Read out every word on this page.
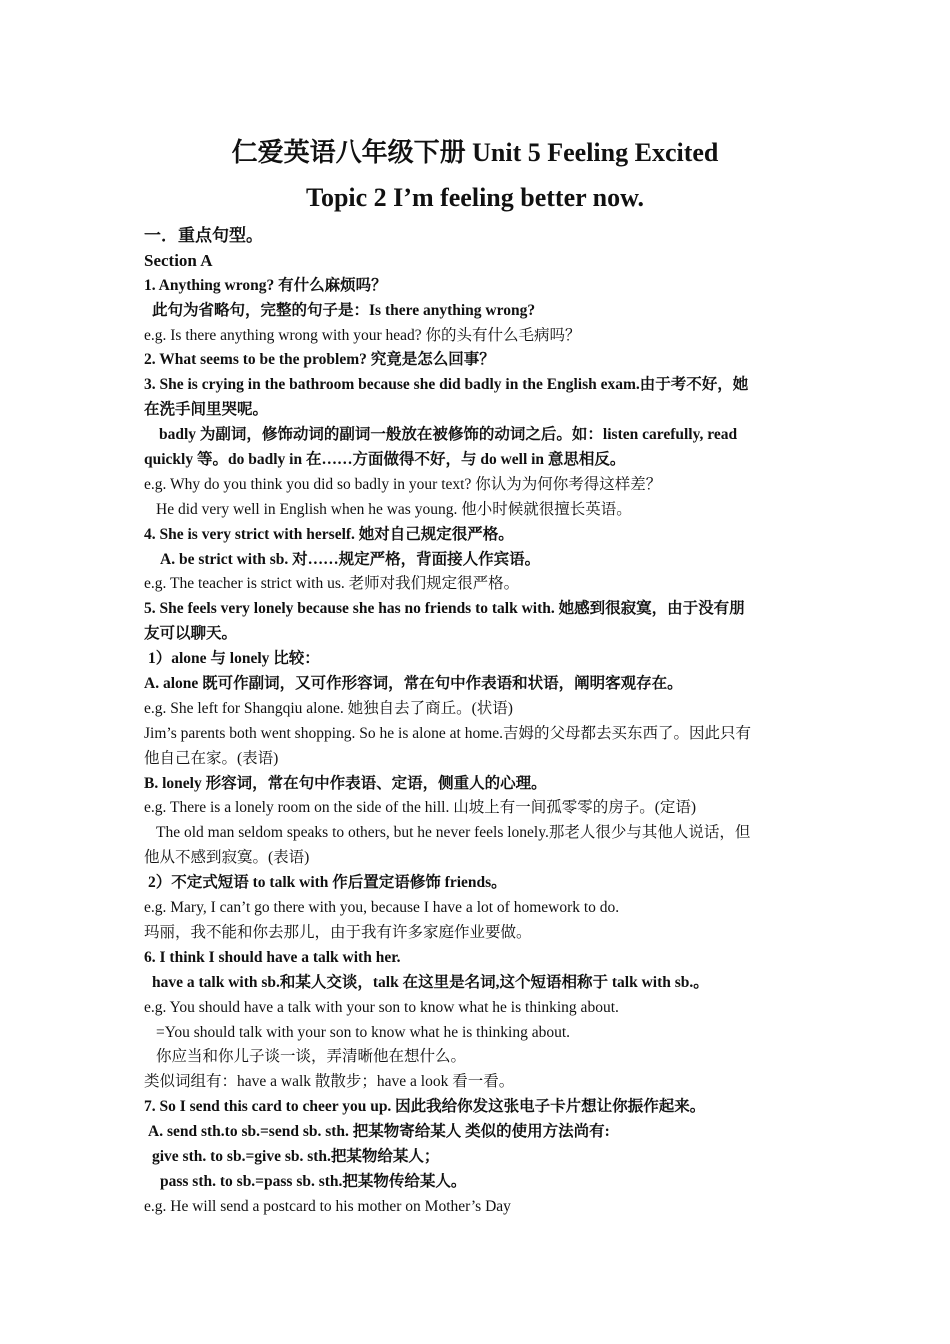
仁爱英语八年级下册 Unit 5 Feeling Excited
Topic 2 I’m feeling better now.
一．重点句型。
Section A
1. Anything wrong? 有什么麻烦吗？
此句为省略句，完整的句子是：Is there anything wrong?
e.g. Is there anything wrong with your head? 你的头有什么毛病吗？
2. What seems to be the problem? 究竟是怎么回事？
3. She is crying in the bathroom because she did badly in the English exam.由于考不好，她
在洗手间里哭呢。
badly 为副词，修饰动词的副词一般放在被修饰的动词之后。如：listen carefully, read
quickly 等。do badly in 在……方面做得不好，与 do well in 意思相反。
e.g. Why do you think you did so badly in your text? 你认为为何你考得这样差？
He did very well in English when he was young. 他小时候就很擅长英语。
4. She is very strict with herself. 她对自己规定很严格。
A. be strict with sb. 对……规定严格，背面接人作宾语。
e.g. The teacher is strict with us. 老师对我们规定很严格。
5. She feels very lonely because she has no friends to talk with. 她感到很寂寞，由于没有朋
友可以聊天。
1）alone 与 lonely 比较：
A. alone 既可作副词，又可作形容词，常在句中作表语和状语，阐明客观存在。
e.g. She left for Shangqiu alone. 她独自去了商丘。(状语)
Jim’s parents both went shopping. So he is alone at home.吉姆的父母都去买东西了。因此只有
他自己在家。(表语)
B. lonely 形容词，常在句中作表语、定语，侧重人的心理。
e.g. There is a lonely room on the side of the hill. 山坡上有一间孤零零的房子。(定语)
The old man seldom speaks to others, but he never feels lonely.那老人很少与其他人说话，但
他从不感到寂寞。(表语)
2）不定式短语 to talk with 作后置定语修饰 friends。
e.g. Mary, I can’t go there with you, because I have a lot of homework to do.
玛丽，我不能和你去那儿，由于我有许多家庭作业要做。
6. I think I should have a talk with her.
have a talk with sb.和某人交谈，talk 在这里是名词,这个短语相称于 talk with sb.。
e.g. You should have a talk with your son to know what he is thinking about.
=You should talk with your son to know what he is thinking about.
你应当和你儿子谈一谈，弄清晰他在想什么。
类似词组有：have a walk 散散步；have a look 看一看。
7. So I send this card to cheer you up. 因此我给你发这张电子卡片想让你振作起来。
A. send sth.to sb.=send sb. sth. 把某物寄给某人 类似的使用方法尚有:
give sth. to sb.=give sb. sth.把某物给某人；
pass sth. to sb.=pass sb. sth.把某物传给某人。
e.g. He will send a postcard to his mother on Mother’s Day
